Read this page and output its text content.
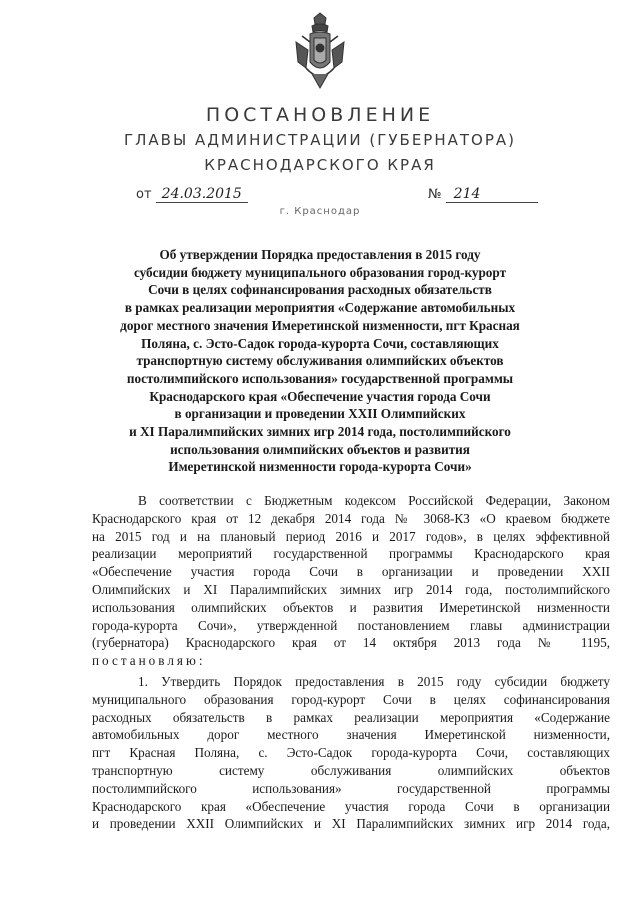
ПОСТАНОВЛЕНИЕ
ГЛАВЫ АДМИНИСТРАЦИИ (ГУБЕРНАТОРА)
КРАСНОДАРСКОГО КРАЯ
от 24.03.2015	№ 214
г. Краснодар
Об утверждении Порядка предоставления в 2015 году
субсидии бюджету муниципального образования город-курорт
Сочи в целях софинансирования расходных обязательств
в рамках реализации мероприятия «Содержание автомобильных
дорог местного значения Имеретинской низменности, пгт Красная
Поляна, с. Эсто-Садок города-курорта Сочи, составляющих
транспортную систему обслуживания олимпийских объектов
постолимпийского использования» государственной программы
Краснодарского края «Обеспечение участия города Сочи
в организации и проведении XXII Олимпийских
и XI Паралимпийских зимних игр 2014 года, постолимпийского
использования олимпийских объектов и развития
Имеретинской низменности города-курорта Сочи»
В соответствии с Бюджетным кодексом Российской Федерации, Законом
Краснодарского края от 12 декабря 2014 года № 3068-КЗ «О краевом бюджете
на 2015 год и на плановый период 2016 и 2017 годов», в целях эффективной
реализации мероприятий государственной программы Краснодарского края
«Обеспечение участия города Сочи в организации и проведении XXII
Олимпийских и XI Паралимпийских зимних игр 2014 года, постолимпийского
использования олимпийских объектов и развития Имеретинской низменности
города-курорта Сочи», утвержденной постановлением главы администрации
(губернатора) Краснодарского края от 14 октября 2013 года № 1195,
постановляю:
1. Утвердить Порядок предоставления в 2015 году субсидии бюджету
муниципального образования город-курорт Сочи в целях софинансирования
расходных обязательств в рамках реализации мероприятия «Содержание
автомобильных дорог местного значения Имеретинской низменности,
пгт Красная Поляна, с. Эсто-Садок города-курорта Сочи, составляющих
транспортную систему обслуживания олимпийских объектов
постолимпийского использования» государственной программы
Краснодарского края «Обеспечение участия города Сочи в организации
и проведении XXII Олимпийских и XI Паралимпийских зимних игр 2014 года,
